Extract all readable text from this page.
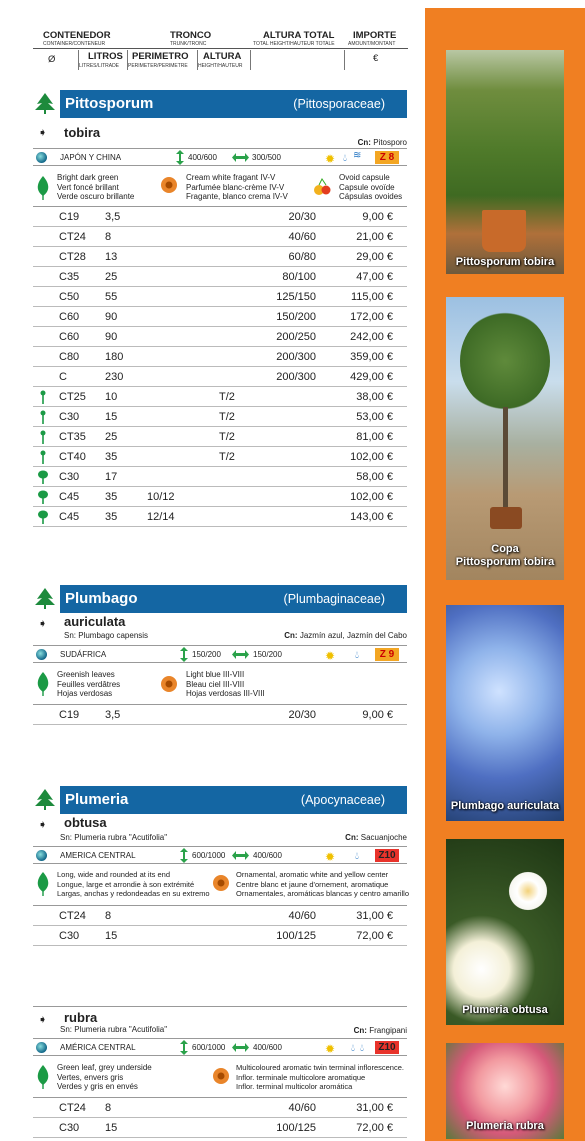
CONTENEDOR
CONTAINER/CONTENEUR
TRONCO
TRUNK/TRONC
ALTURA TOTAL
TOTAL HEIGHT/HAUTEUR TOTALE
IMPORTE
AMOUNT/MONTANT
Ø	LITROS
LITRES/LITRADE
PERIMETRO
PERIMETER/PERIMETRE
ALTURA
HEIGHT/HAUTEUR
€
Pittosporum	(Pittosporaceae)
➧ tobira
Cn: Pitosporo
JAPÓN Y CHINA	400/600	300/500	✹ 💧︎ ≋	Z 8
Bright dark green
Vert foncé brillant
Verde oscuro brillante
Cream white fragant IV-V
Parfumée blanc-crème IV-V
Fragante, blanco crema IV-V
Ovoid capsule
Capsule ovoïde
Cápsulas ovoides
C19 3,5	20/30	9,00 €
CT24 8	40/60	21,00 €
CT28 13	60/80	29,00 €
C35 25	80/100	47,00 €
C50 55	125/150	115,00 €
C60 90	150/200	172,00 €
C60 90	200/250	242,00 €
C80 180	200/300	359,00 €
C	230	200/300	429,00 €
CT25 10	T/2	38,00 €
C30 15	T/2	53,00 €
CT35 25	T/2	81,00 €
CT40 35	T/2	102,00 €
C30 17	58,00 €
C45 35	10/12	102,00 €
C45 35	12/14	143,00 €
Plumbago	(Plumbaginaceae)
➧ auriculata
Sn: Plumbago capensis	Cn: Jazmín azul, Jazmín del Cabo
SUDÁFRICA	150/200	150/200	✹ 💧︎	Z 9
Greenish leaves
Feuilles verdâtres
Hojas verdosas
Light blue III-VIII
Bleau ciel III-VIII
Hojas verdosas III-VIII
C19 3,5	20/30	9,00 €
Plumeria	(Apocynaceae)
➧ obtusa
Sn: Plumeria rubra "Acutifolia"	Cn: Sacuanjoche
AMERICA CENTRAL	600/1000	400/600	✹ 💧︎	Z10
Long, wide and rounded at its end
Longue, large et arrondie à son extrémité
Largas, anchas y redondeadas en su extremo
Ornamental, aromatic white and yellow center
Centre blanc et jaune d'ornement, aromatique
Ornamentales, aromáticas blancas y centro amarillo
CT24 8	40/60	31,00 €
C30 15	100/125	72,00 €
➧ rubra
Sn: Plumeria rubra "Acutifolia"	Cn: Frangipani
AMÉRICA CENTRAL	600/1000	400/600	✹ 💧︎ 💧︎	Z10
Green leaf, grey underside
Vertes, envers gris
Verdes y gris en envés
Multicoloured aromatic twin terminal inflorescence.
Inflor. terminale multicolore aromatique
Inflor. terminal multicolor aromática
CT24 8	40/60	31,00 €
C30 15	100/125	72,00 €
Pittosporum tobira
Copa
Pittosporum tobira
Plumbago auriculata
Plumeria obtusa
Plumeria rubra
